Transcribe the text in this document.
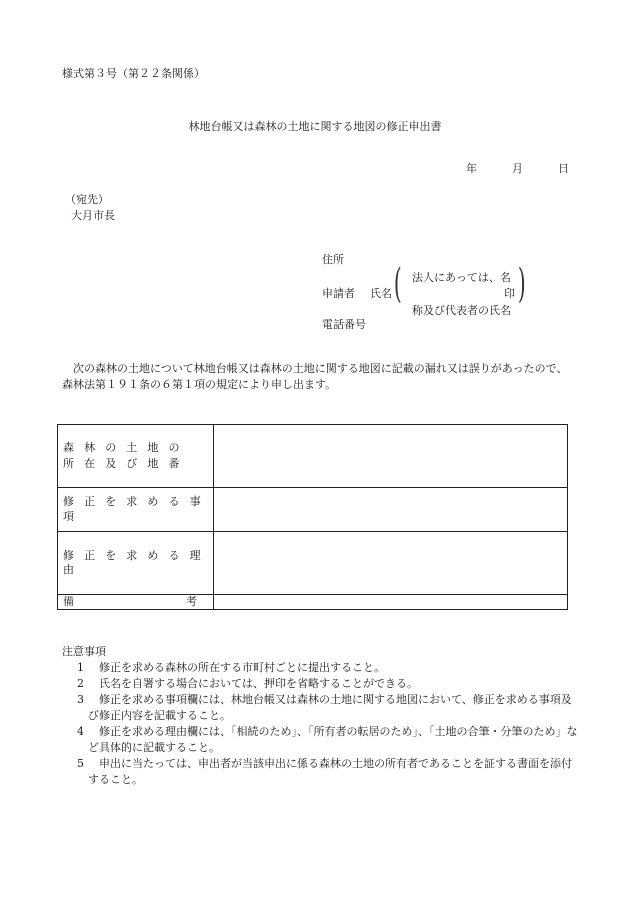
様式第３号（第２２条関係）
林地台帳又は森林の土地に関する地図の修正申出書
年	月	日
（宛先）
大月市長
住所
申請者 氏名
電話番号
(	)
法人にあっては、名
印
称及び代表者の氏名
次の森林の土地について林地台帳又は森林の土地に関する地図に記載の漏れ又は誤りがあったので、森林法第１９１条の６第１項の規定により申し出ます。
森 林 の 土 地 の
所 在 及 び 地 番	

修 正 を 求 め る 事 項	
修 正 を 求 め る 理 由	

備 考	

注意事項
1　 修正を求める森林の所在する市町村ごとに提出すること。
2　 氏名を自署する場合においては、押印を省略することができる。
3　 修正を求める事項欄には、林地台帳又は森林の土地に関する地図において、修正を求める事項及び修正内容を記載すること。
4　 修正を求める理由欄には、「相続のため」、「所有者の転居のため」、「土地の合筆・分筆のため」など具体的に記載すること。
5　 申出に当たっては、申出者が当該申出に係る森林の土地の所有者であることを証する書面を添付すること。
